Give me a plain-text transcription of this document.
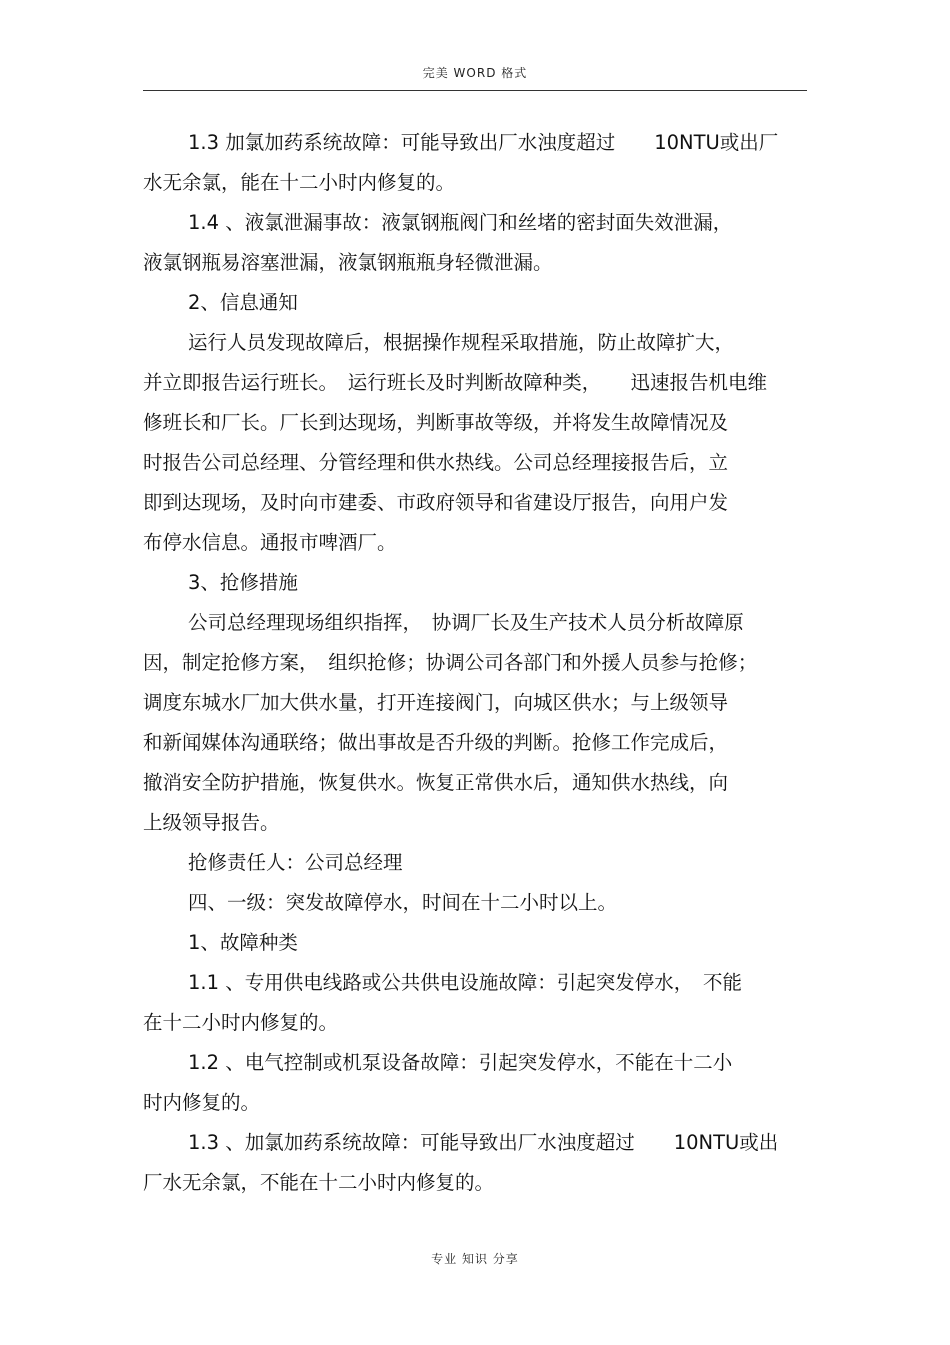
完美 WORD 格式

1.3 加氯加药系统故障：可能导致出厂水浊度超过　　10NTU或出厂

水无余氯，能在十二小时内修复的。

1.4 、液氯泄漏事故：液氯钢瓶阀门和丝堵的密封面失效泄漏，

液氯钢瓶易溶塞泄漏，液氯钢瓶瓶身轻微泄漏。

2、信息通知

运行人员发现故障后，根据操作规程采取措施，防止故障扩大，

并立即报告运行班长。　运行班长及时判断故障种类，　　迅速报告机电维

修班长和厂长。厂长到达现场，判断事故等级，并将发生故障情况及

时报告公司总经理、分管经理和供水热线。公司总经理接报告后，立

即到达现场，及时向市建委、市政府领导和省建设厅报告，向用户发

布停水信息。通报市啤酒厂。

3、抢修措施

公司总经理现场组织指挥，　协调厂长及生产技术人员分析故障原

因，制定抢修方案，　组织抢修；协调公司各部门和外援人员参与抢修；

调度东城水厂加大供水量，打开连接阀门，向城区供水；与上级领导

和新闻媒体沟通联络；做出事故是否升级的判断。抢修工作完成后，

撤消安全防护措施，恢复供水。恢复正常供水后，通知供水热线，向

上级领导报告。

抢修责任人：公司总经理

四、一级：突发故障停水，时间在十二小时以上。

1、故障种类

1.1 、专用供电线路或公共供电设施故障：引起突发停水，　不能

在十二小时内修复的。

1.2 、电气控制或机泵设备故障：引起突发停水，不能在十二小

时内修复的。

1.3 、加氯加药系统故障：可能导致出厂水浊度超过　　10NTU或出

厂水无余氯，不能在十二小时内修复的。

专业 知识 分享
